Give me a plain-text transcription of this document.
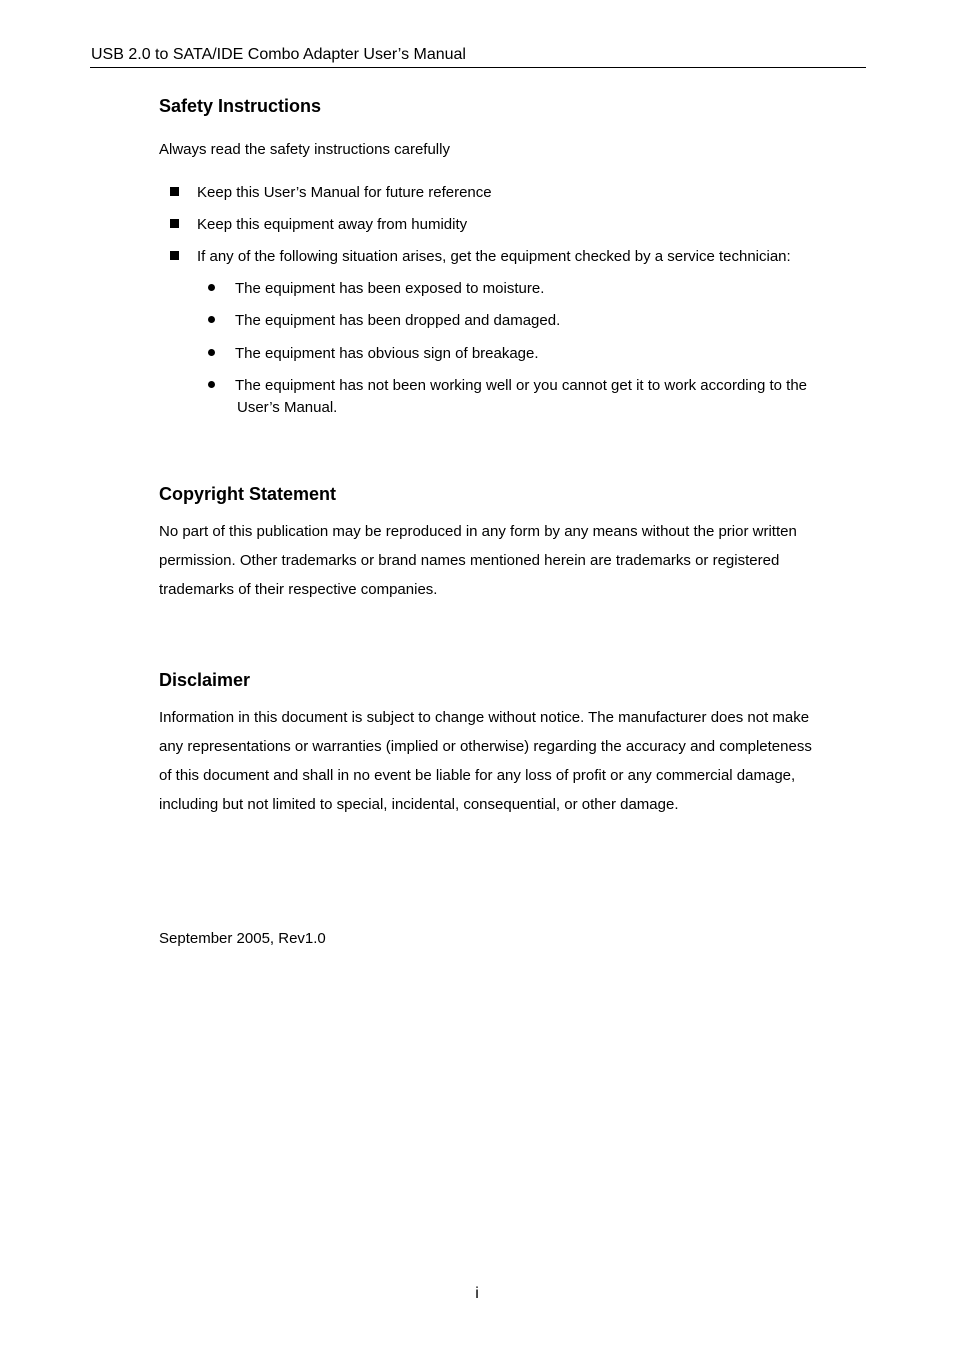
USB 2.0 to SATA/IDE Combo Adapter User’s Manual
Safety Instructions
Always read the safety instructions carefully
Keep this User’s Manual for future reference
Keep this equipment away from humidity
If any of the following situation arises, get the equipment checked by a service technician:
The equipment has been exposed to moisture.
The equipment has been dropped and damaged.
The equipment has obvious sign of breakage.
The equipment has not been working well or you cannot get it to work according to the
User’s Manual.
Copyright Statement
No part of this publication may be reproduced in any form by any means without the prior written
permission. Other trademarks or brand names mentioned herein are trademarks or registered
trademarks of their respective companies.
Disclaimer
Information in this document is subject to change without notice. The manufacturer does not make
any representations or warranties (implied or otherwise) regarding the accuracy and completeness
of this document and shall in no event be liable for any loss of profit or any commercial damage,
including but not limited to special, incidental, consequential, or other damage.
September 2005, Rev1.0
i
